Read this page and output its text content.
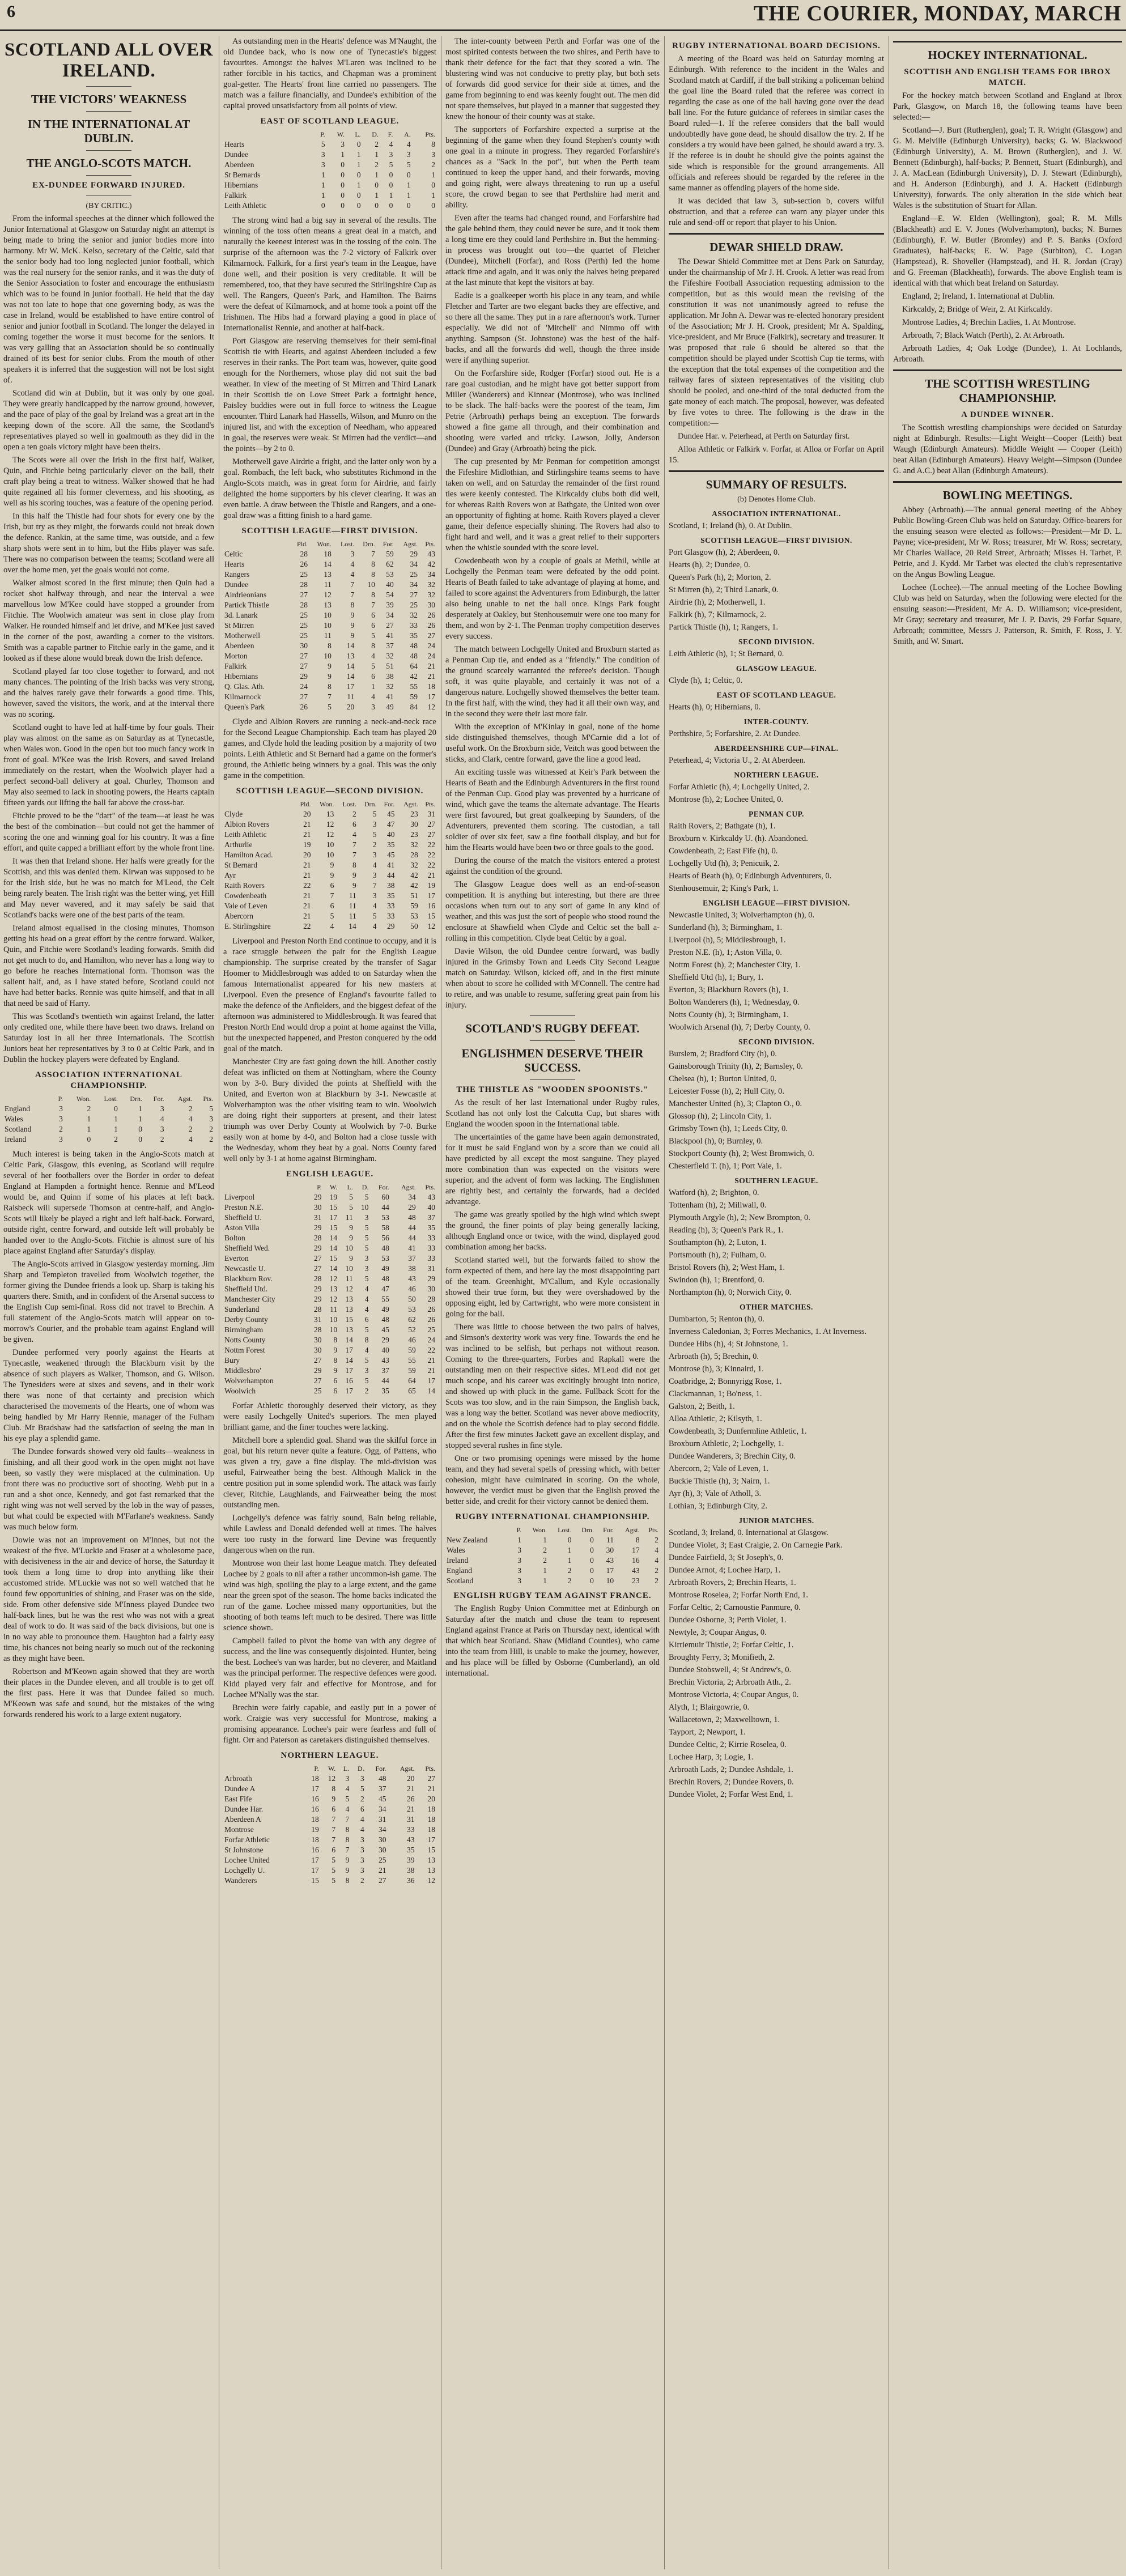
6	THE COURIER, MONDAY, MARCH
SCOTLAND ALL OVER IRELAND.
THE VICTORS' WEAKNESS
IN THE INTERNATIONAL AT DUBLIN.
THE ANGLO-SCOTS MATCH.
EX-DUNDEE FORWARD INJURED.
(BY CRITIC.)

From the informal speeches at the dinner which followed the Junior International at Glasgow on Saturday night an attempt is being made to bring the senior and junior bodies more into harmony. Mr W. McK. Kelso, secretary of the Celtic, said that the senior body had too long neglected junior football, which was the real nursery for the senior ranks, and it was the duty of the Senior Association to foster and encourage the enthusiasm which was to be found in junior football. He held that the day was not too late to hope that one governing body, as was the case in Ireland, would be established to have entire control of senior and junior football in Scotland. The longer the delayed in coming together the worse it must become for the seniors. It was very galling that an Association should be so continually drained of its best for senior clubs. From the mouth of other speakers it is inferred that the suggestion will not be lost sight of.

Scotland did win at Dublin, but it was only by one goal. They were greatly handicapped by the narrow ground, however, and the pace of play of the goal by Ireland was a great art in the keeping down of the score. All the same, the Scotland's representatives played so well in goalmouth as they did in the open a ten goals victory might have been theirs.

The Scots were all over the Irish in the first half, Walker, Quin, and Fitchie being particularly clever on the ball, their craft play being a treat to witness. Walker showed that he had quite regained all his former cleverness, and his shooting, as well as his scoring touches, was a feature of the opening period.

In this half the Thistle had four shots for every one by the Irish, but try as they might, the forwards could not break down the defence. Rankin, at the same time, was outside, and a few sharp shots were sent in to him, but the Hibs player was safe. There was no comparison between the teams; Scotland were all over the home men, yet the goals would not come.

Walker almost scored in the first minute; then Quin had a rocket shot halfway through, and near the interval a wee marvellous low M'Kee could have stopped a grounder from Fitchie. The Woolwich amateur was sent in close play from Walker. He rounded himself and let drive, and M'Kee just saved in the corner of the post, awarding a corner to the visitors. Smith was a capable partner to Fitchie early in the game, and it looked as if these alone would break down the Irish defence.

Scotland played far too close together to forward, and not many chances. The pointing of the Irish backs was very strong, and the halves rarely gave their forwards a good time. This, however, saved the visitors, the work, and at the interval there was no scoring.

Scotland ought to have led at half-time by four goals. Their play was almost on the same as on Saturday as at Tynecastle, when Wales won. Good in the open but too much fancy work in front of goal. M'Kee was the Irish Rovers, and saved Ireland immediately on the restart, when the Woolwich player had a perfect second-ball delivery at goal. Churley, Thomson and May also seemed to lack in shooting powers, the Hearts captain fifteen yards out lifting the ball far above the cross-bar.

Fitchie proved to be the "dart" of the team—at least he was the best of the combination—but could not get the hammer of scoring the one and winning goal for his country. It was a fine effort, and quite capped a brilliant effort by the whole front line.

It was then that Ireland shone. Her halfs were greatly for the Scottish, and this was denied them. Kirwan was supposed to be for the Irish side, but he was no match for M'Leod, the Celt being rarely beaten. The Irish right was the better wing, yet Hill and May never wavered, and it may safely be said that Scotland's backs were one of the best parts of the team.

Ireland almost equalised in the closing minutes, Thomson getting his head on a great effort by the centre forward. Walker, Quin, and Fitchie were Scotland's leading forwards. Smith did not get much to do, and Hamilton, who never has a long way to go before he reaches International form. Thomson was the salient half, and, as I have stated before, Scotland could not have had better backs. Rennie was quite himself, and that in all that need be said of Harry.

This was Scotland's twentieth win against Ireland, the latter only credited one, while there have been two draws. Ireland on Saturday lost in all her three Internationals. The Scottish Juniors beat her representatives by 3 to 0 at Celtic Park, and in Dublin the hockey players were defeated by England.

ASSOCIATION INTERNATIONAL CHAMPIONSHIP.
	P.	Won.	Lost.	Drn.	For.	Agst.	Pts.
England	3	2	0	1	3	2	5
Wales	3	1	1	1	4	4	3
Scotland	2	1	1	0	3	2	2
Ireland	3	0	2	0	2	4	2

Much interest is being taken in the Anglo-Scots match at Celtic Park, Glasgow, this evening, as Scotland will require several of her footballers over the Border in order to defeat England at Hampden a fortnight hence. Rennie and M'Leod would be, and Quinn if some of his places at left back. Raisbeck will supersede Thomson at centre-half, and Anglo-Scots will likely be played a right and left half-back. Forward, outside right, centre forward, and outside left will probably be handed over to the Anglo-Scots. Fitchie is almost sure of his place against England after Saturday's display.

The Anglo-Scots arrived in Glasgow yesterday morning. Jim Sharp and Templeton travelled from Woolwich together, the former giving the Dundee friends a look up. Sharp is taking his quarters there. Smith, and in confident of the Arsenal success to the English Cup semi-final. Ross did not travel to Brechin. A full statement of the Anglo-Scots match will appear on to-morrow's Courier, and the probable team against England will be given.

Dundee performed very poorly against the Hearts at Tynecastle, weakened through the Blackburn visit by the absence of such players as Walker, Thomson, and G. Wilson. The Tynesiders were at sixes and sevens, and in their work there was none of that certainty and precision which characterised the movements of the Hearts, one of whom was being handled by Mr Harry Rennie, manager of the Fulham Club. Mr Bradshaw had the satisfaction of seeing the man in his eye play a splendid game.

The Dundee forwards showed very old faults—weakness in finishing, and all their good work in the open might not have been, so vastly they were misplaced at the culmination. Up front there was no productive sort of shooting. Webb put in a run and a shot once, Kennedy, and got fast remarked that the right wing was not well served by the lob in the way of passes, but what could be expected with M'Farlane's weakness. Sandy was much below form.

Dowie was not an improvement on M'Innes, but not the weakest of the five. M'Luckie and Fraser at a wholesome pace, with decisiveness in the air and device of horse, the Saturday it took them a long time to drop into anything like their accustomed stride. M'Luckie was not so well watched that he found few opportunities of shining, and Fraser was on the side, side. From other defensive side M'Inness played Dundee two half-back lines, but he was the rest who was not with a great deal of work to do. It was said of the back divisions, but one is in no way able to pronounce them. Haughton had a fairly easy time, his chances not being nearly so much out of the reckoning as they might have been.

Robertson and M'Keown again showed that they are worth their places in the Dundee eleven, and all trouble is to get off the first pass. Here it was that Dundee failed so much. M'Keown was safe and sound, but the mistakes of the wing forwards rendered his work to a large extent nugatory.

As outstanding men in the Hearts' defence was M'Naught, the old Dundee back, who is now one of Tynecastle's biggest favourites. Amongst the halves M'Laren was inclined to be rather forcible in his tactics, and Chapman was a prominent goal-getter. The Hearts' front line carried no passengers. The match was a failure financially, and Dundee's exhibition of the capital proved unsatisfactory from all points of view.

EAST OF SCOTLAND LEAGUE.
	P.	W.	L.	D.	F.	A.	Pts.
Hearts	5	3	0	2	4	4	8
Dundee	3	1	1	1	3	3	3
Aberdeen	3	0	1	2	5	5	2
St Bernards	1	0	0	1	0	0	1
Hibernians	1	0	1	0	0	1	0
Falkirk	1	0	0	1	1	1	1
Leith Athletic	0	0	0	0	0	0	0

The strong wind had a big say in several of the results. The winning of the toss often means a great deal in a match, and naturally the keenest interest was in the tossing of the coin. The surprise of the afternoon was the 7-2 victory of Falkirk over Kilmarnock. Falkirk, for a first year's team in the League, have done well, and their position is very creditable. It will be remembered, too, that they have secured the Stirlingshire Cup as well. The Rangers, Queen's Park, and Hamilton. The Bairns were the defeat of Kilmarnock, and at home took a point off the Irishmen. The Hibs had a forward playing a good in place of Internationalist Rennie, and another at half-back.

Port Glasgow are reserving themselves for their semi-final Scottish tie with Hearts, and against Aberdeen included a few reserves in their ranks. The Port team was, however, quite good enough for the Northerners, whose play did not suit the bad weather. In view of the meeting of St Mirren and Third Lanark in their Scottish tie on Love Street Park a fortnight hence, Paisley buddies were out in full force to witness the League encounter. Third Lanark had Hassells, Wilson, and Munro on the injured list, and with the exception of Needham, who appeared in goal, the reserves were weak. St Mirren had the verdict—and the points—by 2 to 0.

Motherwell gave Airdrie a fright, and the latter only won by a goal. Rombach, the left back, who substitutes Richmond in the Anglo-Scots match, was in great form for Airdrie, and fairly delighted the home supporters by his clever clearing. It was an even battle. A draw between the Thistle and Rangers, and a one-goal draw was a fitting finish to a hard game.

SCOTTISH LEAGUE—FIRST DIVISION.
	Pld.	Won.	Lost.	Drn.	For.	Agst.	Pts.
Celtic	28	18	3	7	59	29	43
Hearts	26	14	4	8	62	34	42
Rangers	25	13	4	8	53	25	34
Dundee	28	11	7	10	40	34	32
Airdrieonians	27	12	7	8	54	27	32
Partick Thistle	28	13	8	7	39	25	30
3d. Lanark	25	10	9	6	34	32	26
St Mirren	25	10	9	6	27	33	26
Motherwell	25	11	9	5	41	35	27
Aberdeen	30	8	14	8	37	48	24
Morton	27	10	13	4	32	48	24
Falkirk	27	9	14	5	51	64	21
Hibernians	29	9	14	6	38	42	21
Q. Glas. Ath.	24	8	17	1	32	55	18
Kilmarnock	27	7	11	4	41	59	17
Queen's Park	26	5	20	3	49	84	12

Clyde and Albion Rovers are running a neck-and-neck race for the Second League Championship. Each team has played 20 games, and Clyde hold the leading position by a majority of two points. Leith Athletic and St Bernard had a game on the former's ground, the Athletic being winners by a goal. This was the only game in the competition.

SCOTTISH LEAGUE—SECOND DIVISION.
	Pld.	Won.	Lost.	Drn.	For.	Agst.	Pts.
Clyde	20	13	2	5	45	23	31
Albion Rovers	21	12	6	3	47	30	27
Leith Athletic	21	12	4	5	40	23	27
Arthurlie	19	10	7	2	35	32	22
Hamilton Acad.	20	10	7	3	45	28	22
St Bernard	21	9	8	4	41	32	22
Ayr	21	9	9	3	44	42	21
Raith Rovers	22	6	9	7	38	42	19
Cowdenbeath	21	7	11	3	35	51	17
Vale of Leven	21	6	11	4	33	59	16
Abercorn	21	5	11	5	33	53	15
E. Stirlingshire	22	4	14	4	29	50	12

Liverpool and Preston North End continue to occupy, and it is a race struggle between the pair for the English League championship. The surprise created by the transfer of Sagar Hoomer to Middlesbrough was added to on Saturday when the famous Internationalist appeared for his new masters at Liverpool. Even the presence of England's favourite failed to make the defence of the Anfielders, and the biggest defeat of the afternoon was administered to Middlesbrough. It was feared that Preston North End would drop a point at home against the Villa, but the unexpected happened, and Preston conquered by the odd goal of the match.

Manchester City are fast going down the hill. Another costly defeat was inflicted on them at Nottingham, where the County won by 3-0. Bury divided the points at Sheffield with the United, and Everton won at Blackburn by 3-1. Newcastle at Wolverhampton was the other visiting team to win. Woolwich are doing right their supporters at present, and their latest triumph was over Derby County at Woolwich by 7-0. Burke easily won at home by 4-0, and Bolton had a close tussle with the Wednesday, whom they beat by a goal. Notts County fared well only by 3-1 at home against Birmingham.

ENGLISH LEAGUE.
	P.	W.	L.	D.	For.	Agst.	Pts.
Liverpool	29	19	5	5	60	34	43
Preston N.E.	30	15	5	10	44	29	40
Sheffield U.	31	17	11	3	53	48	37
Aston Villa	29	15	9	5	58	44	35
Bolton	28	14	9	5	56	44	33
Sheffield Wed.	29	14	10	5	48	41	33
Everton	27	15	9	3	53	37	33
Newcastle U.	27	14	10	3	49	38	31
Blackburn Rov.	28	12	11	5	48	43	29
Sheffield Utd.	29	13	12	4	47	46	30
Manchester City	29	12	13	4	55	50	28
Sunderland	28	11	13	4	49	53	26
Derby County	31	10	15	6	48	62	26
Birmingham	28	10	13	5	45	52	25
Notts County	30	8	14	8	29	46	24
Nottm Forest	30	9	17	4	40	59	22
Bury	27	8	14	5	43	55	21
Middlesbro'	29	9	17	3	37	59	21
Wolverhampton	27	6	16	5	44	64	17
Woolwich	25	6	17	2	35	65	14

Forfar Athletic thoroughly deserved their victory, as they were easily Lochgelly United's superiors. The men played brilliant game, and the finer touches were lacking.

Mitchell bore a splendid goal. Shand was the skilful force in goal, but his return never quite a feature. Ogg, of Pattens, who was given a try, gave a fine display. The mid-division was useful, Fairweather being the best. Although Malick in the centre position put in some splendid work. The attack was fairly clever, Ritchie, Laughlands, and Fairweather being the most outstanding men.

Lochgelly's defence was fairly sound, Bain being reliable, while Lawless and Donald defended well at times. The halves were too rusty in the forward line Devine was frequently dangerous when on the run.

Montrose won their last home League match. They defeated Lochee by 2 goals to nil after a rather uncommon-ish game. The wind was high, spoiling the play to a large extent, and the game near the green spot of the season. The home backs indicated the run of the game. Lochee missed many opportunities, but the shooting of both teams left much to be desired. There was little science shown.

Campbell failed to pivot the home van with any degree of success, and the line was consequently disjointed. Hunter, being the best. Lochee's van was harder, but no cleverer, and Maitland was the principal performer. The respective defences were good. Kidd played very fair and effective for Montrose, and for Lochee M'Nally was the star.

Brechin were fairly capable, and easily put in a power of work. Craigie was very successful for Montrose, making a promising appearance. Lochee's pair were fearless and full of fight. Orr and Paterson as caretakers distinguished themselves.

NORTHERN LEAGUE.
	P.	W.	L.	D.	For.	Agst.	Pts.
Arbroath	18	12	3	3	48	20	27
Dundee A	17	8	4	5	37	21	21
East Fife	16	9	5	2	45	26	20
Dundee Har.	16	6	4	6	34	21	18
Aberdeen A	18	7	7	4	31	31	18
Montrose	19	7	8	4	34	33	18
Forfar Athletic	18	7	8	3	30	43	17
St Johnstone	16	6	7	3	30	35	15
Lochee United	17	5	9	3	25	39	13
Lochgelly U.	17	5	9	3	21	38	13
Wanderers	15	5	8	2	27	36	12

The inter-county between Perth and Forfar was one of the most spirited contests between the two shires, and Perth have to thank their defence for the fact that they scored a win. The blustering wind was not conducive to pretty play, but both sets of forwards did good service for their side at times, and the game from beginning to end was keenly fought out. The men did not spare themselves, but played in a manner that suggested they knew the honour of their county was at stake.

The supporters of Forfarshire expected a surprise at the beginning of the game when they found Stephen's county with one goal in a minute in progress. They regarded Forfarshire's chances as a "Sack in the pot", but when the Perth team continued to keep the upper hand, and their forwards, moving and going right, were always threatening to run up a useful score, the crowd began to see that Perthshire had merit and ability.

Even after the teams had changed round, and Forfarshire had the gale behind them, they could never be sure, and it took them a long time ere they could land Perthshire in. But the hemming-in process was brought out too—the quartet of Fletcher (Dundee), Mitchell (Forfar), and Ross (Perth) led the home attack time and again, and it was only the halves being prepared at the last minute that kept the visitors at bay.

Eadie is a goalkeeper worth his place in any team, and while Fletcher and Tarter are two elegant backs they are effective, and so there all the same. They put in a rare afternoon's work. Turner especially. We did not of 'Mitchell' and Nimmo off with anything. Sampson (St. Johnstone) was the best of the half-backs, and all the forwards did well, though the three inside were if anything superior.

On the Forfarshire side, Rodger (Forfar) stood out. He is a rare goal custodian, and he might have got better support from Miller (Wanderers) and Kinnear (Montrose), who was inclined to be slack. The half-backs were the poorest of the team, Jim Petrie (Arbroath) perhaps being an exception. The forwards showed a fine game all through, and their combination and shooting were varied and tricky. Lawson, Jolly, Anderson (Dundee) and Gray (Arbroath) being the pick.

The cup presented by Mr Penman for competition amongst the Fifeshire Midlothian, and Stirlingshire teams seems to have taken on well, and on Saturday the remainder of the first round ties were keenly contested. The Kirkcaldy clubs both did well, for whereas Raith Rovers won at Bathgate, the United won over an opportunity of fighting at home. Raith Rovers played a clever game, their defence especially shining. The Rovers had also to fight hard and well, and it was a great relief to their supporters when the whistle sounded with the score level.

Cowdenbeath won by a couple of goals at Methil, while at Lochgelly the Penman team were defeated by the odd point. Hearts of Beath failed to take advantage of playing at home, and failed to score against the Adventurers from Edinburgh, the latter also being unable to net the ball once. Kings Park fought desperately at Oakley, but Stenhousemuir were one too many for them, and won by 2-1. The Penman trophy competition deserves every success.

The match between Lochgelly United and Broxburn started as a Penman Cup tie, and ended as a "friendly." The condition of the ground scarcely warranted the referee's decision. Though soft, it was quite playable, and certainly it was not of a dangerous nature. Lochgelly showed themselves the better team. In the first half, with the wind, they had it all their own way, and in the second they were their last more fair.

With the exception of M'Kinlay in goal, none of the home side distinguished themselves, though M'Carnie did a lot of useful work. On the Broxburn side, Veitch was good between the sticks, and Clark, centre forward, gave the line a good lead.

An exciting tussle was witnessed at Keir's Park between the Hearts of Beath and the Edinburgh Adventurers in the first round of the Penman Cup. Good play was prevented by a hurricane of wind, which gave the teams the alternate advantage. The Hearts were first favoured, but great goalkeeping by Saunders, of the Adventurers, prevented them scoring. The custodian, a tall soldier of over six feet, saw a fine football display, and but for him the Hearts would have been two or three goals to the good.

During the course of the match the visitors entered a protest against the condition of the ground.

The Glasgow League does well as an end-of-season competition. It is anything but interesting, but there are three occasions when turn out to any sort of game in any kind of weather, and this was just the sort of people who stood round the enclosure at Shawfield when Clyde and Celtic set the ball a-rolling in this competition. Clyde beat Celtic by a goal.

Davie Wilson, the old Dundee centre forward, was badly injured in the Grimsby Town and Leeds City Second League match on Saturday. Wilson, kicked off, and in the first minute when about to score he collided with M'Connell. The centre had to retire, and was unable to resume, suffering great pain from his injury.

SCOTLAND'S RUGBY DEFEAT.
ENGLISHMEN DESERVE THEIR SUCCESS.
THE THISTLE AS "WOODEN SPOONISTS."

As the result of her last International under Rugby rules, Scotland has not only lost the Calcutta Cup, but shares with England the wooden spoon in the International table.

The uncertainties of the game have been again demonstrated, for it must be said England won by a score than we could all have predicted by all except the most sanguine. They played more combination than was expected on the visitors were superior, and the advent of form was lacking. The Englishmen are rightly best, and certainly the forwards, had a decided advantage.

The game was greatly spoiled by the high wind which swept the ground, the finer points of play being generally lacking, although England once or twice, with the wind, displayed good combination among her backs.

Scotland started well, but the forwards failed to show the form expected of them, and here lay the most disappointing part of the team. Greenhight, M'Callum, and Kyle occasionally showed their true form, but they were overshadowed by the opposing eight, led by Cartwright, who were more consistent in going for the ball.

There was little to choose between the two pairs of halves, and Simson's dexterity work was very fine. Towards the end he was inclined to be selfish, but perhaps not without reason. Coming to the three-quarters, Forbes and Rapkall were the outstanding men on their respective sides. M'Leod did not get much scope, and his career was excitingly brought into notice, and showed up with pluck in the game. Fullback Scott for the Scots was too slow, and in the rain Simpson, the English back, was a long way the better. Scotland was never above mediocrity, and on the whole the Scottish defence had to play second fiddle. After the first few minutes Jackett gave an excellent display, and stopped several rushes in fine style.

One or two promising openings were missed by the home team, and they had several spells of pressing which, with better cohesion, might have culminated in scoring. On the whole, however, the verdict must be given that the English proved the better side, and credit for their victory cannot be denied them.

RUGBY INTERNATIONAL CHAMPIONSHIP.
	P.	Won.	Lost.	Drn.	For.	Agst.	Pts.
New Zealand	1	1	0	0	11	8	2
Wales	3	2	1	0	30	17	4
Ireland	3	2	1	0	43	16	4
England	3	1	2	0	17	43	2
Scotland	3	1	2	0	10	23	2
ENGLISH RUGBY TEAM AGAINST FRANCE.

The English Rugby Union Committee met at Edinburgh on Saturday after the match and chose the team to represent England against France at Paris on Thursday next, identical with that which beat Scotland. Shaw (Midland Counties), who came into the team from Hill, is unable to make the journey, however, and his place will be filled by Osborne (Cumberland), an old international.

RUGBY INTERNATIONAL BOARD DECISIONS.

A meeting of the Board was held on Saturday morning at Edinburgh. With reference to the incident in the Wales and Scotland match at Cardiff, if the ball striking a policeman behind the goal line the Board ruled that the referee was correct in regarding the case as one of the ball having gone over the dead ball line. For the future guidance of referees in similar cases the Board ruled—1. If the referee considers that the ball would undoubtedly have gone dead, he should disallow the try. 2. If he considers a try would have been gained, he should award a try. 3. If the referee is in doubt he should give the points against the side which is responsible for the ground arrangements. All officials and referees should be regarded by the referee in the same manner as offending players of the home side.

It was decided that law 3, sub-section b, covers wilful obstruction, and that a referee can warn any player under this rule and send-off or report that player to his Union.

DEWAR SHIELD DRAW.

The Dewar Shield Committee met at Dens Park on Saturday, under the chairmanship of Mr J. H. Crook. A letter was read from the Fifeshire Football Association requesting admission to the competition, but as this would mean the revising of the constitution it was not unanimously agreed to refuse the application. Mr John A. Dewar was re-elected honorary president of the Association; Mr J. H. Crook, president; Mr A. Spalding, vice-president, and Mr Bruce (Falkirk), secretary and treasurer. It was proposed that rule 6 should be altered so that the competition should be played under Scottish Cup tie terms, with the exception that the total expenses of the competition and the railway fares of sixteen representatives of the visiting club should be pooled, and one-third of the total deducted from the gate money of each match. The proposal, however, was defeated by five votes to three. The following is the draw in the competition:—

Dundee Har. v. Peterhead, at Perth on Saturday first.

Alloa Athletic or Falkirk v. Forfar, at Alloa or Forfar on April 15.

SUMMARY OF RESULTS.
(b) Denotes Home Club.
ASSOCIATION INTERNATIONAL.
Scotland, 1; Ireland (h), 0. At Dublin.
SCOTTISH LEAGUE—FIRST DIVISION.
Port Glasgow (h), 2; Aberdeen, 0.
Hearts (h), 2; Dundee, 0.
Queen's Park (h), 2; Morton, 2.
St Mirren (h), 2; Third Lanark, 0.
Airdrie (h), 2; Motherwell, 1.
Falkirk (h), 7; Kilmarnock, 2.
Partick Thistle (h), 1; Rangers, 1.
SECOND DIVISION.
Leith Athletic (h), 1; St Bernard, 0.
GLASGOW LEAGUE.
Clyde (h), 1; Celtic, 0.
EAST OF SCOTLAND LEAGUE.
Hearts (h), 0; Hibernians, 0.
INTER-COUNTY.
Perthshire, 5; Forfarshire, 2. At Dundee.
ABERDEENSHIRE CUP—FINAL.
Peterhead, 4; Victoria U., 2. At Aberdeen.
NORTHERN LEAGUE.
Forfar Athletic (h), 4; Lochgelly United, 2.
Montrose (h), 2; Lochee United, 0.
PENMAN CUP.
Raith Rovers, 2; Bathgate (h), 1.
Broxburn v. Kirkcaldy U. (h). Abandoned.
Cowdenbeath, 2; East Fife (h), 0.
Lochgelly Utd (h), 3; Penicuik, 2.
Hearts of Beath (h), 0; Edinburgh Adventurers, 0.
Stenhousemuir, 2; King's Park, 1.
ENGLISH LEAGUE—FIRST DIVISION.
Newcastle United, 3; Wolverhampton (h), 0.
Sunderland (h), 3; Birmingham, 1.
Liverpool (h), 5; Middlesbrough, 1.
Preston N.E. (h), 1; Aston Villa, 0.
Nottm Forest (h), 2; Manchester City, 1.
Sheffield Utd (h), 1; Bury, 1.
Everton, 3; Blackburn Rovers (h), 1.
Bolton Wanderers (h), 1; Wednesday, 0.
Notts County (h), 3; Birmingham, 1.
Woolwich Arsenal (h), 7; Derby County, 0.
SECOND DIVISION.
Burslem, 2; Bradford City (h), 0.
Gainsborough Trinity (h), 2; Barnsley, 0.
Chelsea (h), 1; Burton United, 0.
Leicester Fosse (h), 2; Hull City, 0.
Manchester United (h), 3; Clapton O., 0.
Glossop (h), 2; Lincoln City, 1.
Grimsby Town (h), 1; Leeds City, 0.
Blackpool (h), 0; Burnley, 0.
Stockport County (h), 2; West Bromwich, 0.
Chesterfield T. (h), 1; Port Vale, 1.
SOUTHERN LEAGUE.
Watford (h), 2; Brighton, 0.
Tottenham (h), 2; Millwall, 0.
Plymouth Argyle (h), 2; New Brompton, 0.
Reading (h), 3; Queen's Park R., 1.
Southampton (h), 2; Luton, 1.
Portsmouth (h), 2; Fulham, 0.
Bristol Rovers (h), 2; West Ham, 1.
Swindon (h), 1; Brentford, 0.
Northampton (h), 0; Norwich City, 0.
OTHER MATCHES.
Dumbarton, 5; Renton (h), 0.
Inverness Caledonian, 3; Forres Mechanics, 1. At Inverness.
Dundee Hibs (h), 4; St Johnstone, 1.
Arbroath (h), 5; Brechin, 0.
Montrose (h), 3; Kinnaird, 1.
Coatbridge, 2; Bonnyrigg Rose, 1.
Clackmannan, 1; Bo'ness, 1.
Galston, 2; Beith, 1.
Alloa Athletic, 2; Kilsyth, 1.
Cowdenbeath, 3; Dunfermline Athletic, 1.
Broxburn Athletic, 2; Lochgelly, 1.
Dundee Wanderers, 3; Brechin City, 0.
Abercorn, 2; Vale of Leven, 1.
Buckie Thistle (h), 3; Nairn, 1.
Ayr (h), 3; Vale of Atholl, 3.
Lothian, 3; Edinburgh City, 2.
JUNIOR MATCHES.
Scotland, 3; Ireland, 0. International at Glasgow.
Dundee Violet, 3; East Craigie, 2. On Carnegie Park.
Dundee Fairfield, 3; St Joseph's, 0.
Dundee Arnot, 4; Lochee Harp, 1.
Arbroath Rovers, 2; Brechin Hearts, 1.
Montrose Roselea, 2; Forfar North End, 1.
Forfar Celtic, 2; Carnoustie Panmure, 0.
Dundee Osborne, 3; Perth Violet, 1.
Newtyle, 3; Coupar Angus, 0.
Kirriemuir Thistle, 2; Forfar Celtic, 1.
Broughty Ferry, 3; Monifieth, 2.
Dundee Stobswell, 4; St Andrew's, 0.
Brechin Victoria, 2; Arbroath Ath., 2.
Montrose Victoria, 4; Coupar Angus, 0.
Alyth, 1; Blairgowrie, 0.
Wallacetown, 2; Maxwelltown, 1.
Tayport, 2; Newport, 1.
Dundee Celtic, 2; Kirrie Roselea, 0.
Lochee Harp, 3; Logie, 1.
Arbroath Lads, 2; Dundee Ashdale, 1.
Brechin Rovers, 2; Dundee Rovers, 0.
Dundee Violet, 2; Forfar West End, 1.
HOCKEY INTERNATIONAL.
SCOTTISH AND ENGLISH TEAMS FOR IBROX MATCH.

For the hockey match between Scotland and England at Ibrox Park, Glasgow, on March 18, the following teams have been selected:—

Scotland—J. Burt (Rutherglen), goal; T. R. Wright (Glasgow) and G. M. Melville (Edinburgh University), backs; G. W. Blackwood (Edinburgh University), A. M. Brown (Rutherglen), and J. W. Bennett (Edinburgh), half-backs; P. Bennett, Stuart (Edinburgh), and J. A. MacLean (Edinburgh University), D. J. Stewart (Edinburgh), and H. Anderson (Edinburgh), and J. A. Hackett (Edinburgh University), forwards. The only alteration in the side which beat Wales is the substitution of Stuart for Allan.

England—E. W. Elden (Wellington), goal; R. M. Mills (Blackheath) and E. V. Jones (Wolverhampton), backs; N. Burnes (Edinburgh), F. W. Butler (Bromley) and P. S. Banks (Oxford Graduates), half-backs; E. W. Page (Surbiton), C. Logan (Hampstead), R. Shoveller (Hampstead), and H. R. Jordan (Cray) and G. Freeman (Blackheath), forwards. The above English team is identical with that which beat Ireland on Saturday.

England, 2; Ireland, 1. International at Dublin.

Kirkcaldy, 2; Bridge of Weir, 2. At Kirkcaldy.

Montrose Ladies, 4; Brechin Ladies, 1. At Montrose.

Arbroath, 7; Black Watch (Perth), 2. At Arbroath.

Arbroath Ladies, 4; Oak Lodge (Dundee), 1. At Lochlands, Arbroath.

THE SCOTTISH WRESTLING CHAMPIONSHIP.
A DUNDEE WINNER.

The Scottish wrestling championships were decided on Saturday night at Edinburgh. Results:—Light Weight—Cooper (Leith) beat Waugh (Edinburgh Amateurs). Middle Weight — Cooper (Leith) beat Allan (Edinburgh Amateurs). Heavy Weight—Simpson (Dundee G. and A.C.) beat Allan (Edinburgh Amateurs).

BOWLING MEETINGS.

Abbey (Arbroath).—The annual general meeting of the Abbey Public Bowling-Green Club was held on Saturday. Office-bearers for the ensuing season were elected as follows:—President—Mr D. L. Payne; vice-president, Mr W. Ross; treasurer, Mr W. Ross; secretary, Mr Charles Wallace, 20 Reid Street, Arbroath; Misses H. Tarbet, P. Petrie, and J. Kydd. Mr Tarbet was elected the club's representative on the Angus Bowling League.

Lochee (Lochee).—The annual meeting of the Lochee Bowling Club was held on Saturday, when the following were elected for the ensuing season:—President, Mr A. D. Williamson; vice-president, Mr Gray; secretary and treasurer, Mr J. P. Davis, 29 Forfar Square, Arbroath; committee, Messrs J. Patterson, R. Smith, F. Ross, J. Y. Smith, and W. Smart.
